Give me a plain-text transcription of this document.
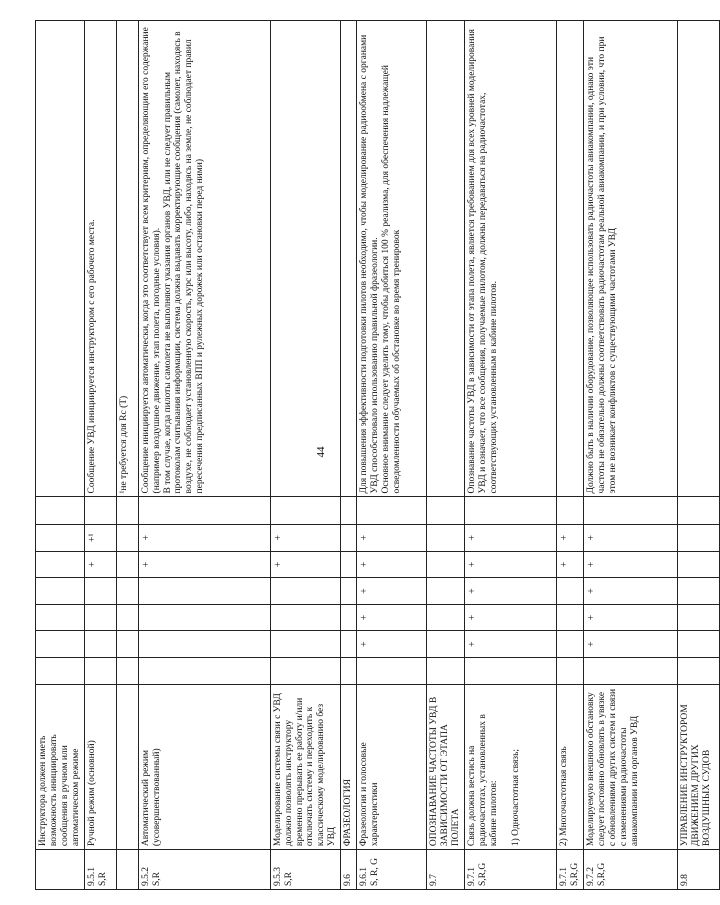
44
	Инструктора должен иметь возможность инициировать сообщения в ручном или автоматическом режиме								
9.5.1
S,R	Ручной режим (основной)					+	+¹		Сообщение УВД инициируется инструктором с его рабочего места.
									¹не требуется для Rc (T)
9.5.2
S,R	Автоматический режим (усовершенствованный)					+	+		Сообщение инициируется автоматически, когда это соответствует всем критериям, определяющим его содержание (например воздушное движение, этап полета, погодные условия).
В том случае, когда пилоты самолета не выполняют указания органов УВД, или не следует правильным протоколам считывания информации, система должна выдавать корректирующие сообщения (самолет, находясь в воздухе, не соблюдает установленную скорость, курс или высоту, либо, находясь на земле, не соблюдает правил пересечения предписанных ВПП и рулежных дорожек или остановки перед ними)
9.5.3
S,R	Моделирование системы связи с УВД должно позволять инструктору временно прерывать ее работу и/или отключать систему и переходить к классическому моделированию без УВД					+	+		
9.6	ФРАЗЕОЛОГИЯ								
9.6.1
S, R, G	Фразеология и голосовые характеристики		+	+	+	+	+		Для повышения эффективности подготовки пилотов необходимо, чтобы моделирование радиообмена с органами УВД способствовало использованию правильной фразеологии.
Основное внимание следует уделить тому, чтобы добиться 100 % реализма, для обеспечения надлежащей осведомленности обучаемых об обстановке во время тренировок
9.7	ОПОЗНАВАНИЕ ЧАСТОТЫ УВД В ЗАВИСИМОСТИ ОТ ЭТАПА ПОЛЕТА								
9.7.1
S,R,G	Связь должна вестись на радиочастотах, установленных в кабине пилотов:

1) Одночастотная связь;		+	+	+	+	+		Опознавание частоты УВД в зависимости от этапа полета, является требованием для всех уровней моделирования УВД и означает, что все сообщения, получаемые пилотом, должны передаваться на радиочастотах, соответствующих установленным в кабине пилотов.
9.7.1
S,R,G	2) Многочастотная связь					+	+		
9.7.2
S,R,G	Моделируемую внешнюю обстановку следует постоянно обновлять в увязке с обновлениями других систем и связи с изменениями радиочастоты авиакомпании или органов УВД		+	+	+	+	+		Должно быть в наличии оборудование, позволяющее использовать радиочастоты авиакомпании, однако эти частоты не обязательно должны соответствовать радиочастотам реальной авиакомпании, и при условии, что при этом не возникает конфликтов с существующими частотами УВД
9.8	УПРАВЛЕНИЕ ИНСТРУКТОРОМ ДВИЖЕНИЕМ ДРУГИХ ВОЗДУШНЫХ СУДОВ								
